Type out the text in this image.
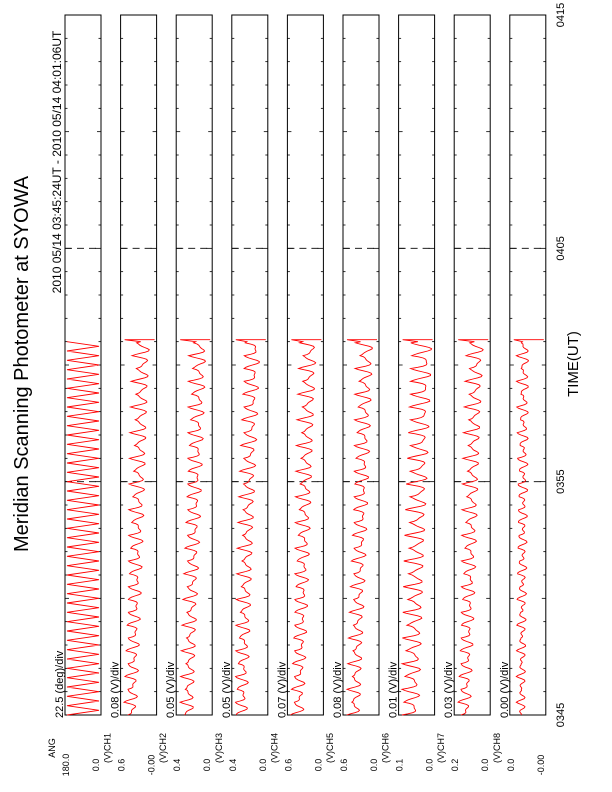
22.5 (deg)/div
ANG
180.0 0.0
0.08 (V)/div
(V)CH1
0.6 -0.00
0.05 (V)/div
(V)CH2
0.4 0.0
0.05 (V)/div
(V)CH3
0.4 0.0
0.07 (V)/div
(V)CH4
0.6 0.0
0.08 (V)/div
(V)CH5
0.6 0.0
0.01 (V)/div
(V)CH6
0.1 0.0
0.03 (V)/div
(V)CH7
0.2 0.0
0.00 (V)/div
(V)CH8
0.0 -0.00
0345
0355
0405
0415
Meridian Scanning Photometer at SYOWA
2010 05/14 03:45:24UT - 2010 05/14 04:01:06UT
TIME(UT)
